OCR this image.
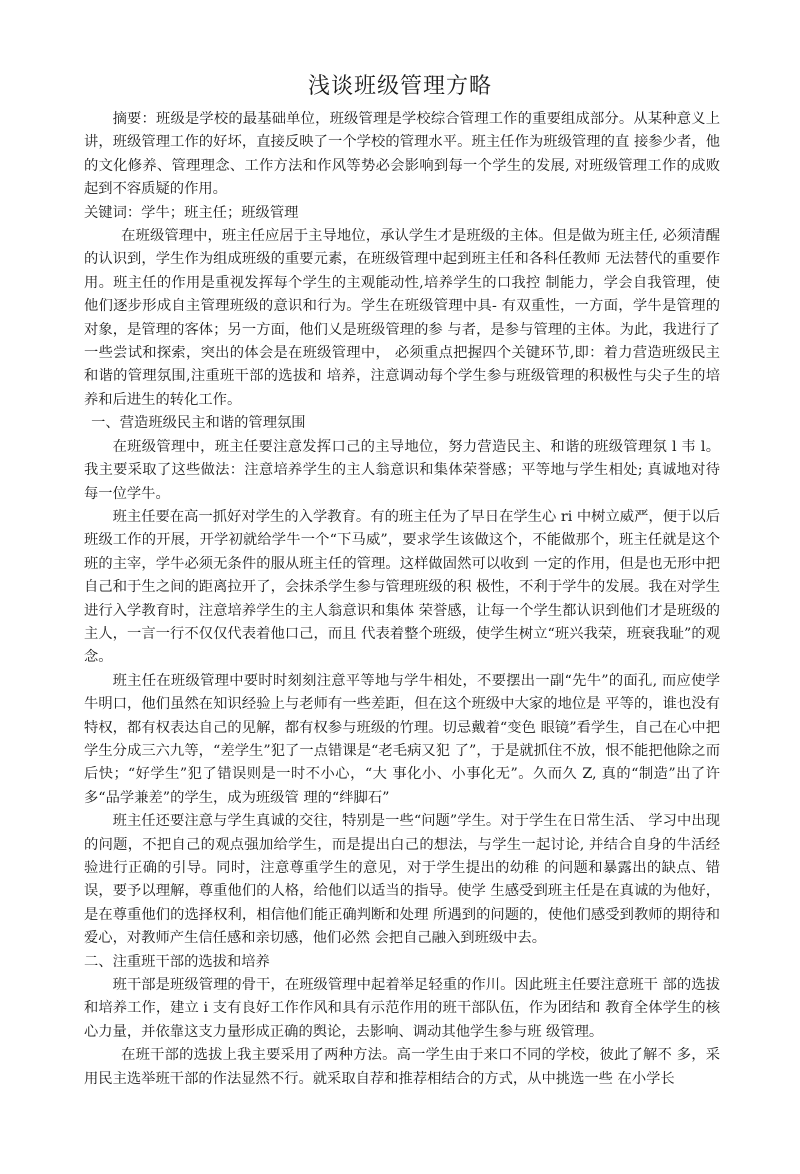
浅谈班级管理方略

摘要：班级是学校的最基础单位，班级管理是学校综合管理工作的重要组成部分。从某种意义上讲，班级管理工作的好坏，直接反映了一个学校的管理水平。班主任作为班级管理的直 接参少者，他的文化修养、管理理念、工作方法和作风等势必会影响到每一个学生的发展, 对班级管理工作的成败起到不容质疑的作用。

关键词：学牛；班主任；班级管理

在班级管理中，班主任应居于主导地位，承认学生才是班级的主体。但是做为班主任, 必须清醒的认识到，学生作为组成班级的重要元素，在班级管理中起到班主任和各科任教师 无法替代的重要作用。班主任的作用是重视发挥每个学生的主观能动性,培养学生的口我控 制能力，学会自我管理，使他们逐步形成自主管理班级的意识和行为。学生在班级管理中具- 有双重性，一方面，学牛是管理的对象，是管理的客体；另一方面，他们乂是班级管理的参 与者，是参与管理的主体。为此，我进行了一些尝试和探索，突出的体会是在班级管理中， 必须重点把握四个关键环节,即：着力营造班级民主和谐的管理氛围,注重班干部的选拔和 培养，注意调动每个学生参与班级管理的积极性与尖子生的培养和后进生的转化工作。

一、营造班级民主和谐的管理氛围

在班级管理中，班主任要注意发挥口己的主导地位，努力营造民主、和谐的班级管理氛 l 韦 l。我主要采取了这些做法：注意培养学生的主人翁意识和集体荣誉感；平等地与学生相处; 真诚地对待每一位学牛。

班主任要在高一抓好对学生的入学教育。有的班主任为了早日在学生心 ri 中树立威严，便于以后班级工作的开展，开学初就给学牛一个“下马威”，要求学生该做这个，不能做那个，班主任就是这个班的主宰，学牛必须无条件的服从班主任的管理。这样做固然可以收到 一定的作用，但是也无形中把自己和于生之间的距离拉开了，会抹杀学生参与管理班级的积 极性，不利于学牛的发展。我在对学生进行入学教育时，注意培养学生的主人翁意识和集体 荣誉感，让每一个学生都认识到他们才是班级的主人，一言一行不仅仅代表着他口己，而且 代表着整个班级，使学生树立“班兴我荣，班衰我耻”的观念。

班主任在班级管理中要时时刻刻注意平等地与学牛相处，不要摆出一副“先牛”的面孔, 而应使学牛明口，他们虽然在知识经验上与老师有一些差距，但在这个班级中大家的地位是 平等的，谁也没有特权，都有权表达自己的见解，都有权参与班级的竹理。切忌戴着“变色 眼镜”看学生，自己在心中把学生分成三六九等，“差学生”犯了一点错课是“老毛病又犯 了”，于是就抓住不放，恨不能把他除之而后快；“好学生”犯了错误则是一时不小心，“大 事化小、小事化无”。久而久 Z, 真的“制造”出了许多“品学兼差”的学生，成为班级管 理的“绊脚石”

班主任还要注意与学生真诚的交往，特别是一些“问题”学生。对于学生在日常生活、 学习中出现的问题，不把自己的观点强加给学生，而是提出白己的想法，与学生一起讨论, 并结合自身的牛活经验进行正确的引导。同时，注意尊重学生的意见，对于学生提出的幼稚 的问题和暴露出的缺点、错误，要予以理解，尊重他们的人格，给他们以适当的指导。使学 生感受到班主任是在真诚的为他好，是在尊重他们的选择权利，相信他们能正确判断和处理 所遇到的问题的，使他们感受到教师的期待和爱心，对教师产生信任感和亲切感，他们必然 会把自己融入到班级中去。

二、注重班干部的选拔和培养

班干部是班级管理的骨干，在班级管理中起着举足轻重的作川。因此班主任要注意班干 部的选拔和培养工作，建立 i 支有良好工作作风和具有示范作用的班干部队伍，作为团结和 教育全体学生的核心力量，并依靠这支力量形成正确的舆论，去影响、调动其他学生参与班 级管理。

在班干部的选拔上我主要采用了两种方法。高一学生由于来口不同的学校，彼此了解不 多，采用民主选举班干部的作法显然不行。就采取自荐和推荐相结合的方式，从中挑选一些 在小学长
